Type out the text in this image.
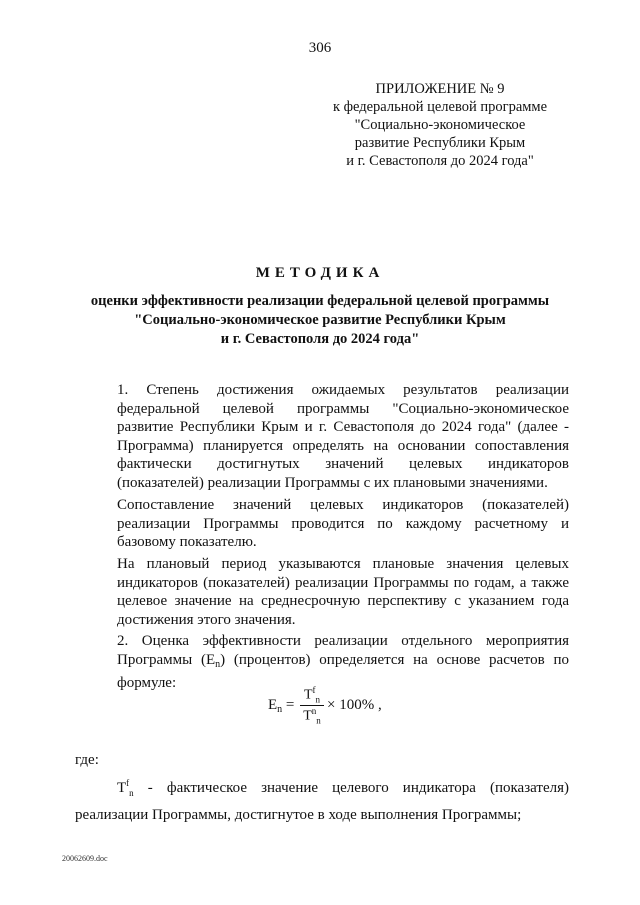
306
ПРИЛОЖЕНИЕ № 9
к федеральной целевой программе
"Социально-экономическое
развитие Республики Крым
и г. Севастополя до 2024 года"
МЕТОДИКА
оценки эффективности реализации федеральной целевой программы
"Социально-экономическое развитие Республики Крым
и г. Севастополя до 2024 года"
1. Степень достижения ожидаемых результатов реализации федеральной целевой программы "Социально-экономическое развитие Республики Крым и г. Севастополя до 2024 года" (далее - Программа) планируется определять на основании сопоставления фактически достигнутых значений целевых индикаторов (показателей) реализации Программы с их плановыми значениями.
Сопоставление значений целевых индикаторов (показателей) реализации Программы проводится по каждому расчетному и базовому показателю.
На плановый период указываются плановые значения целевых индикаторов (показателей) реализации Программы по годам, а также целевое значение на среднесрочную перспективу с указанием года достижения этого значения.
2. Оценка эффективности реализации отдельного мероприятия Программы $(E_n)$ (процентов) определяется на основе расчетов по формуле:
$E_n$ =
$T^f_n$
$T^n_n$
× 100% ,
где:
$T^f_n$ - фактическое значение целевого индикатора (показателя) реализации Программы, достигнутое в ходе выполнения Программы;
20062609.doc
